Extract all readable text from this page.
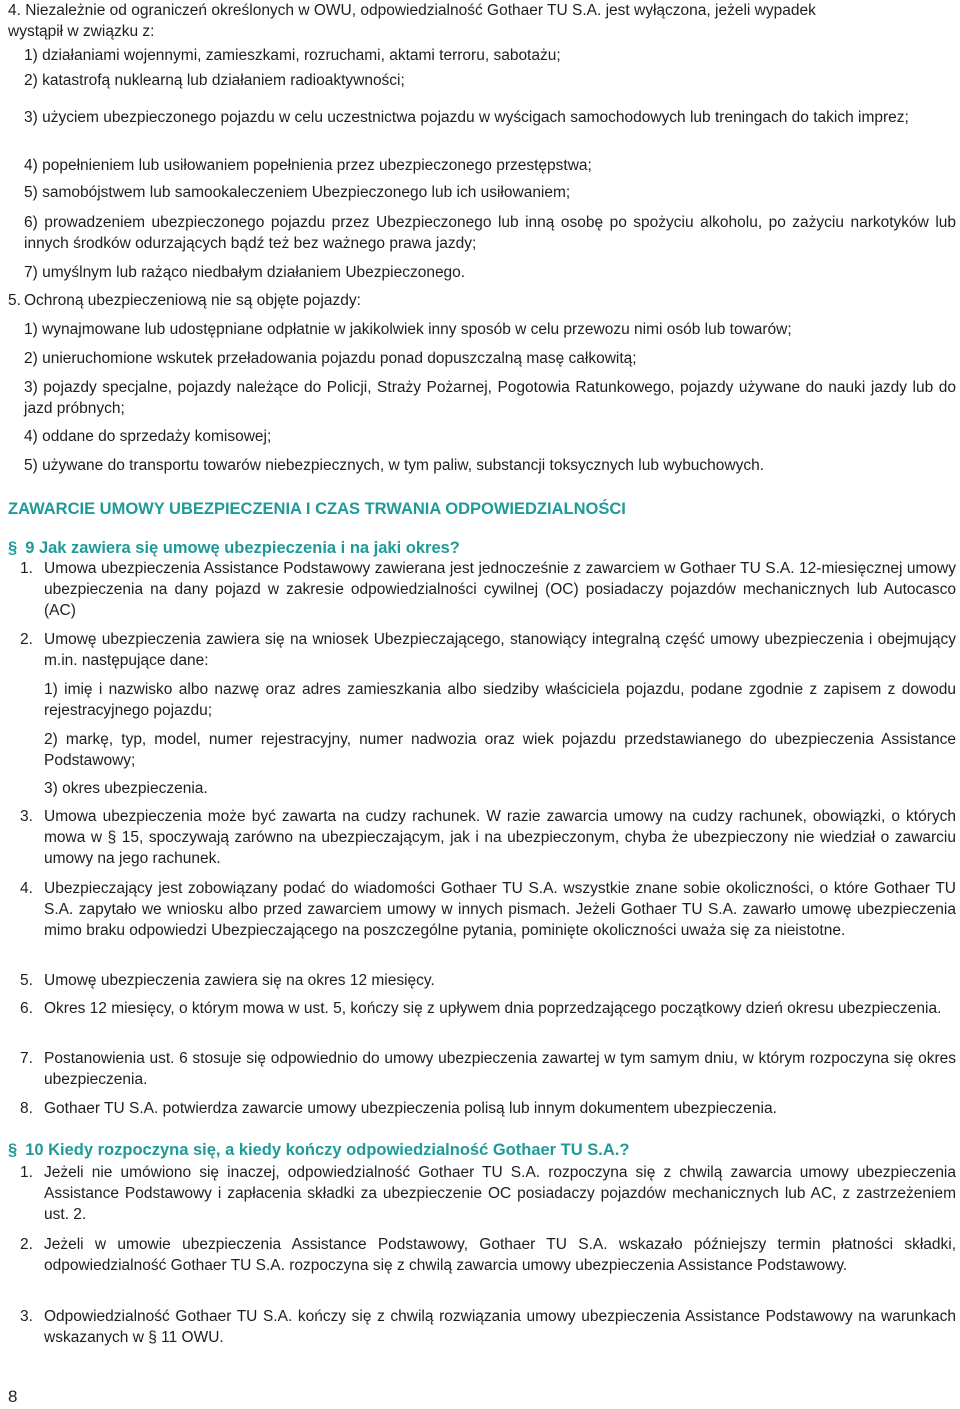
4. Niezależnie od ograniczeń określonych w OWU, odpowiedzialność Gothaer TU S.A. jest wyłączona, jeżeli wypadek

wystąpił w związku z:

1) działaniami wojennymi, zamieszkami, rozruchami, aktami terroru, sabotażu;

2) katastrofą nuklearną lub działaniem radioaktywności;

3) użyciem ubezpieczonego pojazdu w celu uczestnictwa pojazdu w wyścigach samochodowych lub treningach do takich imprez;

4) popełnieniem lub usiłowaniem popełnienia przez ubezpieczonego przestępstwa;

5) samobójstwem lub samookaleczeniem Ubezpieczonego lub ich usiłowaniem;

6) prowadzeniem ubezpieczonego pojazdu przez Ubezpieczonego lub inną osobę po spożyciu alkoholu, po zażyciu narkotyków lub innych środków odurzających bądź też bez ważnego prawa jazdy;

7) umyślnym lub rażąco niedbałym działaniem Ubezpieczonego.

5. Ochroną ubezpieczeniową nie są objęte pojazdy:

1) wynajmowane lub udostępniane odpłatnie w jakikolwiek inny sposób w celu przewozu nimi osób lub towarów;

2) unieruchomione wskutek przeładowania pojazdu ponad dopuszczalną masę całkowitą;

3) pojazdy specjalne, pojazdy należące do Policji, Straży Pożarnej, Pogotowia Ratunkowego, pojazdy używane do nauki jazdy lub do jazd próbnych;

4) oddane do sprzedaży komisowej;

5) używane do transportu towarów niebezpiecznych, w tym paliw, substancji toksycznych lub wybuchowych.

ZAWARCIE UMOWY UBEZPIECZENIA I CZAS TRWANIA ODPOWIEDZIALNOŚCI
§ 9 Jak zawiera się umowę ubezpieczenia i na jaki okres?

1. Umowa ubezpieczenia Assistance Podstawowy zawierana jest jednocześnie z zawarciem w Gothaer TU S.A. 12-miesięcznej umowy ubezpieczenia na dany pojazd w zakresie odpowiedzialności cywilnej (OC) posiadaczy pojazdów mechanicznych lub Autocasco (AC)

2. Umowę ubezpieczenia zawiera się na wniosek Ubezpieczającego, stanowiący integralną część umowy ubezpieczenia i obejmujący m.in. następujące dane:

1) imię i nazwisko albo nazwę oraz adres zamieszkania albo siedziby właściciela pojazdu, podane zgodnie z zapisem z dowodu rejestracyjnego pojazdu;

2) markę, typ, model, numer rejestracyjny, numer nadwozia oraz wiek pojazdu przedstawianego do ubezpieczenia Assistance Podstawowy;

3) okres ubezpieczenia.

3. Umowa ubezpieczenia może być zawarta na cudzy rachunek. W razie zawarcia umowy na cudzy rachunek, obowiązki, o których mowa w § 15, spoczywają zarówno na ubezpieczającym, jak i na ubezpieczonym, chyba że ubezpieczony nie wiedział o zawarciu umowy na jego rachunek.

4. Ubezpieczający jest zobowiązany podać do wiadomości Gothaer TU S.A. wszystkie znane sobie okoliczności, o które Gothaer TU S.A. zapytało we wniosku albo przed zawarciem umowy w innych pismach. Jeżeli Gothaer TU S.A. zawarło umowę ubezpieczenia mimo braku odpowiedzi Ubezpieczającego na poszczególne pytania, pominięte okoliczności uważa się za nieistotne.

5. Umowę ubezpieczenia zawiera się na okres 12 miesięcy.

6. Okres 12 miesięcy, o którym mowa w ust. 5, kończy się z upływem dnia poprzedzającego początkowy dzień okresu ubezpieczenia.

7. Postanowienia ust. 6 stosuje się odpowiednio do umowy ubezpieczenia zawartej w tym samym dniu, w którym rozpoczyna się okres ubezpieczenia.

8. Gothaer TU S.A. potwierdza zawarcie umowy ubezpieczenia polisą lub innym dokumentem ubezpieczenia.

§ 10 Kiedy rozpoczyna się, a kiedy kończy odpowiedzialność Gothaer TU S.A.?

1. Jeżeli nie umówiono się inaczej, odpowiedzialność Gothaer TU S.A. rozpoczyna się z chwilą zawarcia umowy ubezpieczenia Assistance Podstawowy i zapłacenia składki za ubezpieczenie OC posiadaczy pojazdów mechanicznych lub AC, z zastrzeżeniem ust. 2.

2. Jeżeli w umowie ubezpieczenia Assistance Podstawowy, Gothaer TU S.A. wskazało późniejszy termin płatności składki, odpowiedzialność Gothaer TU S.A. rozpoczyna się z chwilą zawarcia umowy ubezpieczenia Assistance Podstawowy.

3. Odpowiedzialność Gothaer TU S.A. kończy się z chwilą rozwiązania umowy ubezpieczenia Assistance Podstawowy na warunkach wskazanych w § 11 OWU.

8
